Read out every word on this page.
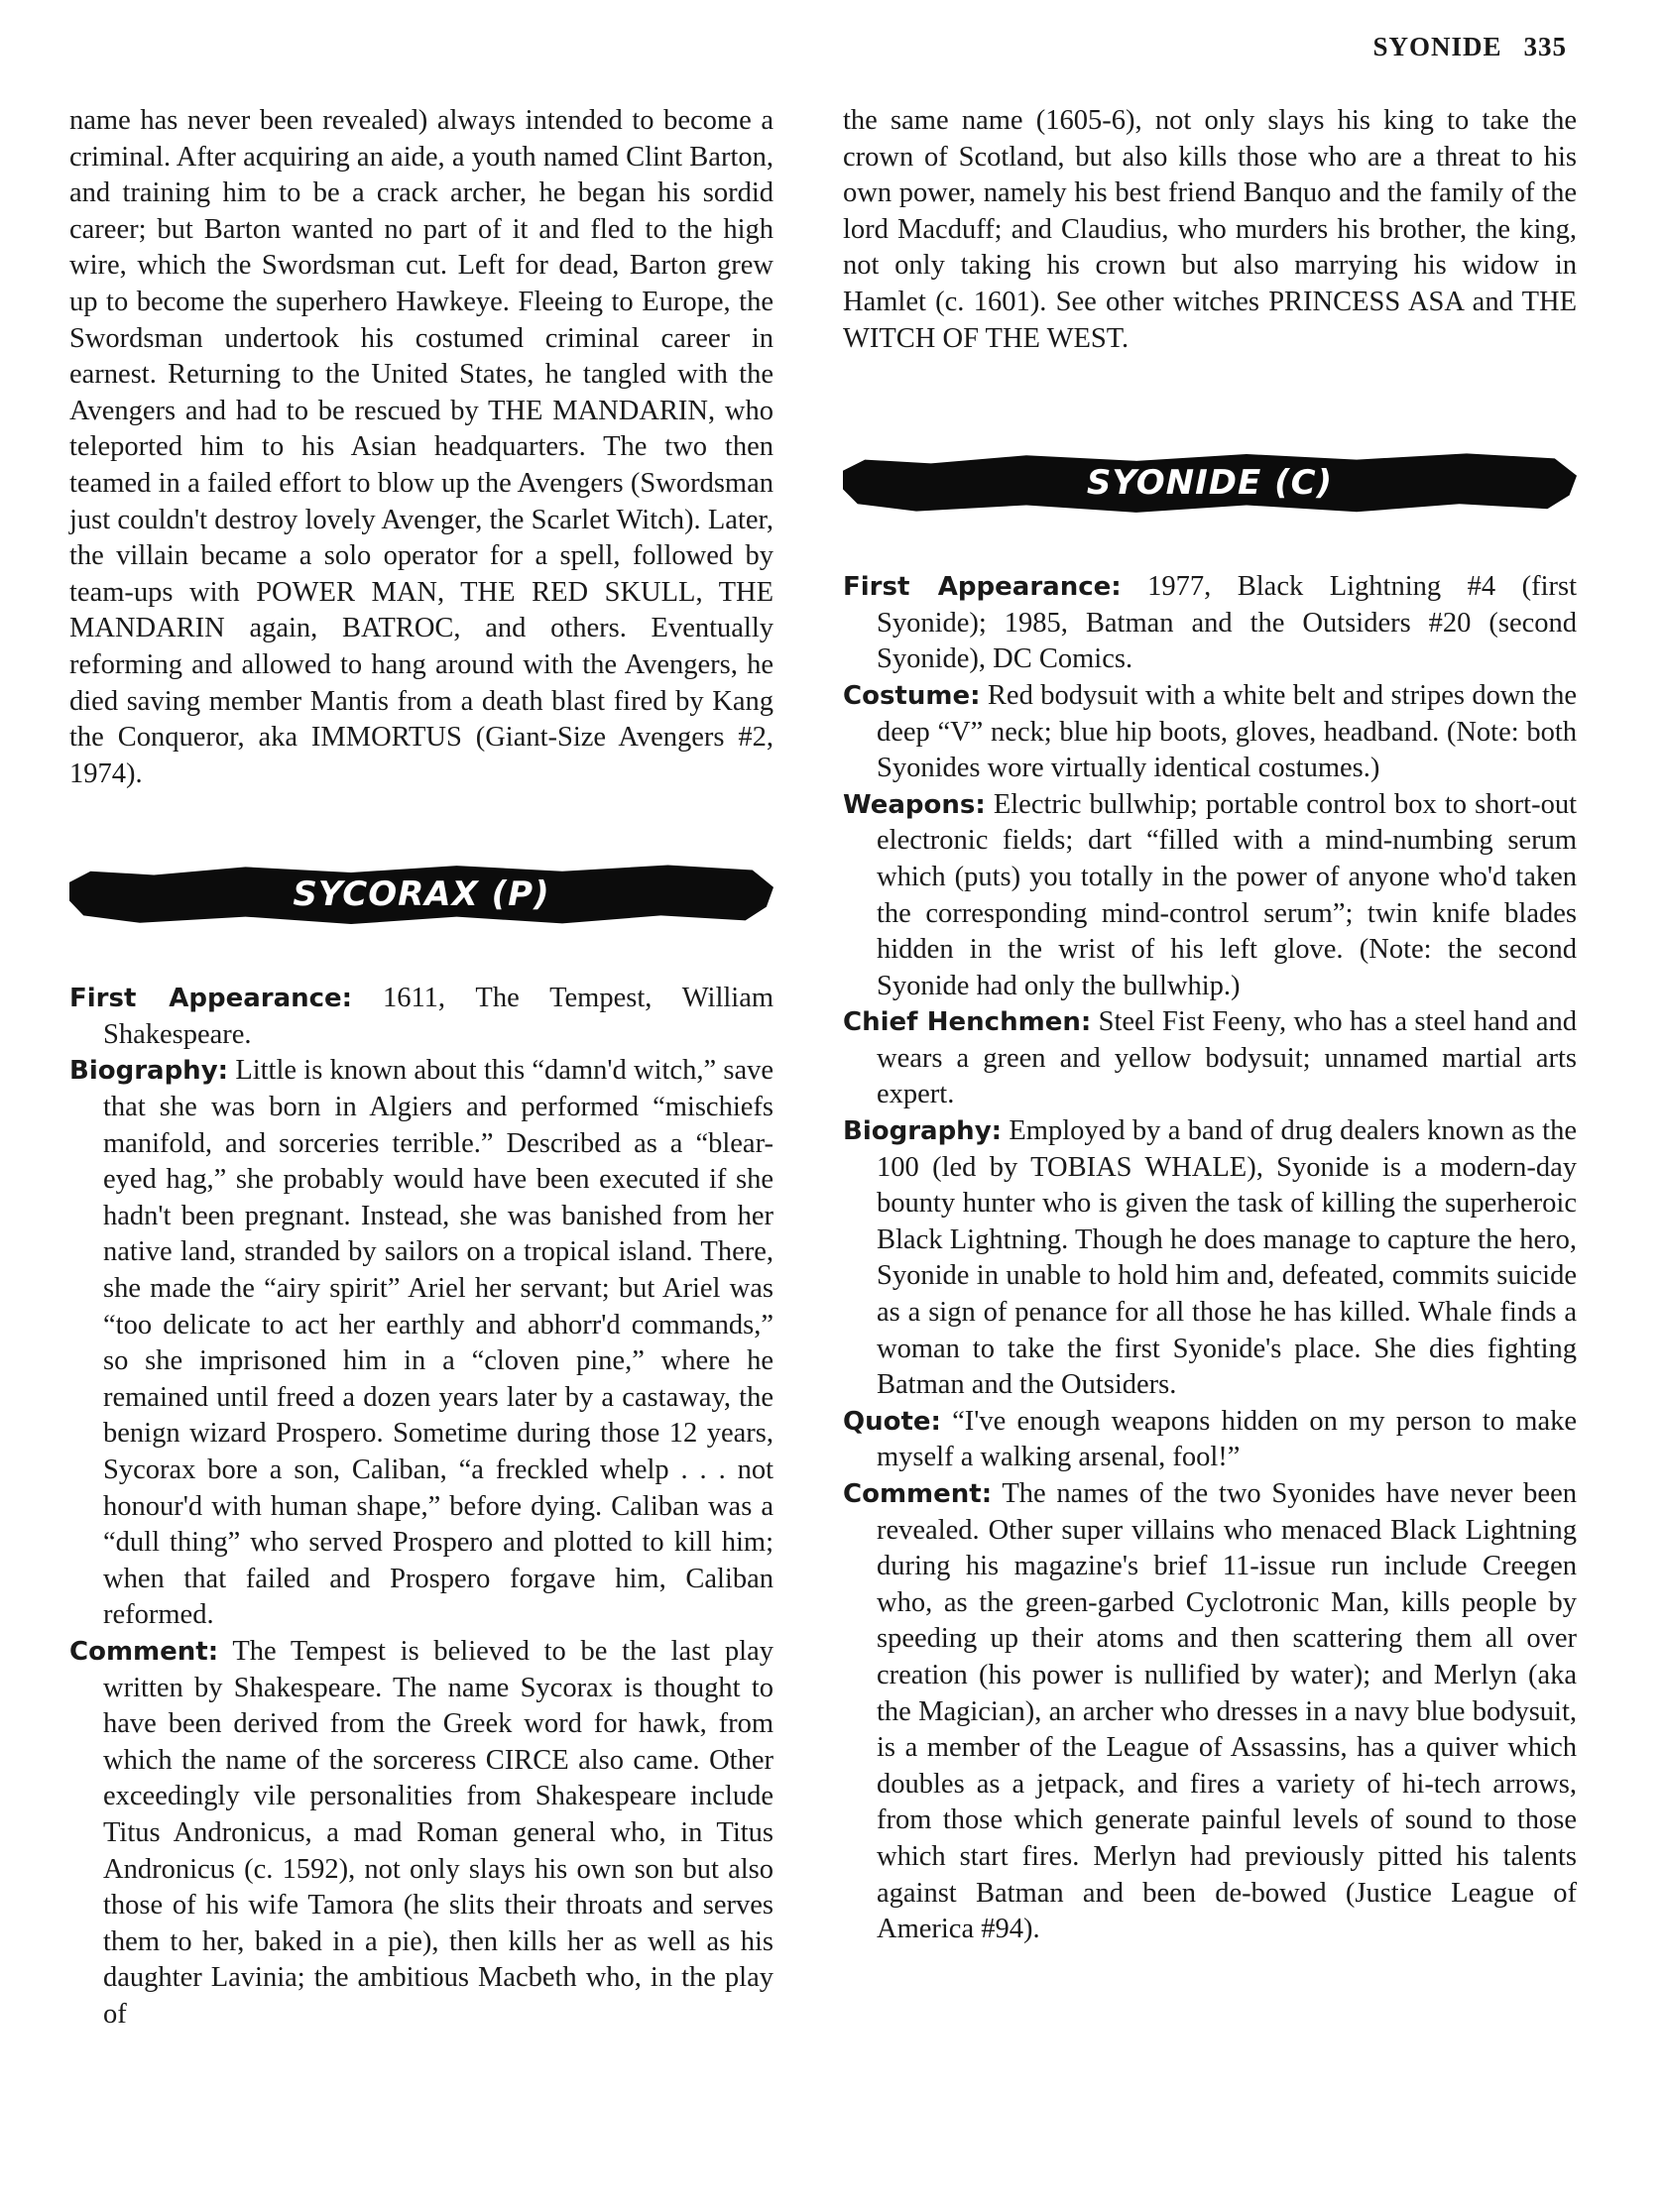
SYONIDE 335

name has never been revealed) always intended to become a criminal. After acquiring an aide, a youth named Clint Barton, and training him to be a crack archer, he began his sordid career; but Barton wanted no part of it and fled to the high wire, which the Swordsman cut. Left for dead, Barton grew up to become the superhero Hawkeye. Fleeing to Europe, the Swordsman undertook his costumed criminal career in earnest. Returning to the United States, he tangled with the Avengers and had to be rescued by THE MANDARIN, who teleported him to his Asian headquarters. The two then teamed in a failed effort to blow up the Avengers (Swordsman just couldn't destroy lovely Avenger, the Scarlet Witch). Later, the villain became a solo operator for a spell, followed by team-ups with POWER MAN, THE RED SKULL, THE MANDARIN again, BATROC, and others. Eventually reforming and allowed to hang around with the Avengers, he died saving member Mantis from a death blast fired by Kang the Conqueror, aka IMMORTUS (Giant-Size Avengers #2, 1974).

SYCORAX (P)
First Appearance: 1611, The Tempest, William Shakespeare.
Biography: Little is known about this “damn'd witch,” save that she was born in Algiers and performed “mischiefs manifold, and sorceries terrible.” Described as a “blear-eyed hag,” she probably would have been executed if she hadn't been pregnant. Instead, she was banished from her native land, stranded by sailors on a tropical island. There, she made the “airy spirit” Ariel her servant; but Ariel was “too delicate to act her earthly and abhorr'd commands,” so she imprisoned him in a “cloven pine,” where he remained until freed a dozen years later by a castaway, the benign wizard Prospero. Sometime during those 12 years, Sycorax bore a son, Caliban, “a freckled whelp . . . not honour'd with human shape,” before dying. Caliban was a “dull thing” who served Prospero and plotted to kill him; when that failed and Prospero forgave him, Caliban reformed.
Comment: The Tempest is believed to be the last play written by Shakespeare. The name Sycorax is thought to have been derived from the Greek word for hawk, from which the name of the sorceress CIRCE also came. Other exceedingly vile personalities from Shakespeare include Titus Andronicus, a mad Roman general who, in Titus Andronicus (c. 1592), not only slays his own son but also those of his wife Tamora (he slits their throats and serves them to her, baked in a pie), then kills her as well as his daughter Lavinia; the ambitious Macbeth who, in the play of

the same name (1605-6), not only slays his king to take the crown of Scotland, but also kills those who are a threat to his own power, namely his best friend Banquo and the family of the lord Macduff; and Claudius, who murders his brother, the king, not only taking his crown but also marrying his widow in Hamlet (c. 1601). See other witches PRINCESS ASA and THE WITCH OF THE WEST.

SYONIDE (C)
First Appearance: 1977, Black Lightning #4 (first Syonide); 1985, Batman and the Outsiders #20 (second Syonide), DC Comics.
Costume: Red bodysuit with a white belt and stripes down the deep “V” neck; blue hip boots, gloves, headband. (Note: both Syonides wore virtually identical costumes.)
Weapons: Electric bullwhip; portable control box to short-out electronic fields; dart “filled with a mind-numbing serum which (puts) you totally in the power of anyone who'd taken the corresponding mind-control serum”; twin knife blades hidden in the wrist of his left glove. (Note: the second Syonide had only the bullwhip.)
Chief Henchmen: Steel Fist Feeny, who has a steel hand and wears a green and yellow bodysuit; unnamed martial arts expert.
Biography: Employed by a band of drug dealers known as the 100 (led by TOBIAS WHALE), Syonide is a modern-day bounty hunter who is given the task of killing the superheroic Black Lightning. Though he does manage to capture the hero, Syonide in unable to hold him and, defeated, commits suicide as a sign of penance for all those he has killed. Whale finds a woman to take the first Syonide's place. She dies fighting Batman and the Outsiders.
Quote: “I've enough weapons hidden on my person to make myself a walking arsenal, fool!”
Comment: The names of the two Syonides have never been revealed. Other super villains who menaced Black Lightning during his magazine's brief 11-issue run include Creegen who, as the green-garbed Cyclotronic Man, kills people by speeding up their atoms and then scattering them all over creation (his power is nullified by water); and Merlyn (aka the Magician), an archer who dresses in a navy blue bodysuit, is a member of the League of Assassins, has a quiver which doubles as a jetpack, and fires a variety of hi-tech arrows, from those which generate painful levels of sound to those which start fires. Merlyn had previously pitted his talents against Batman and been de-bowed (Justice League of America #94).
